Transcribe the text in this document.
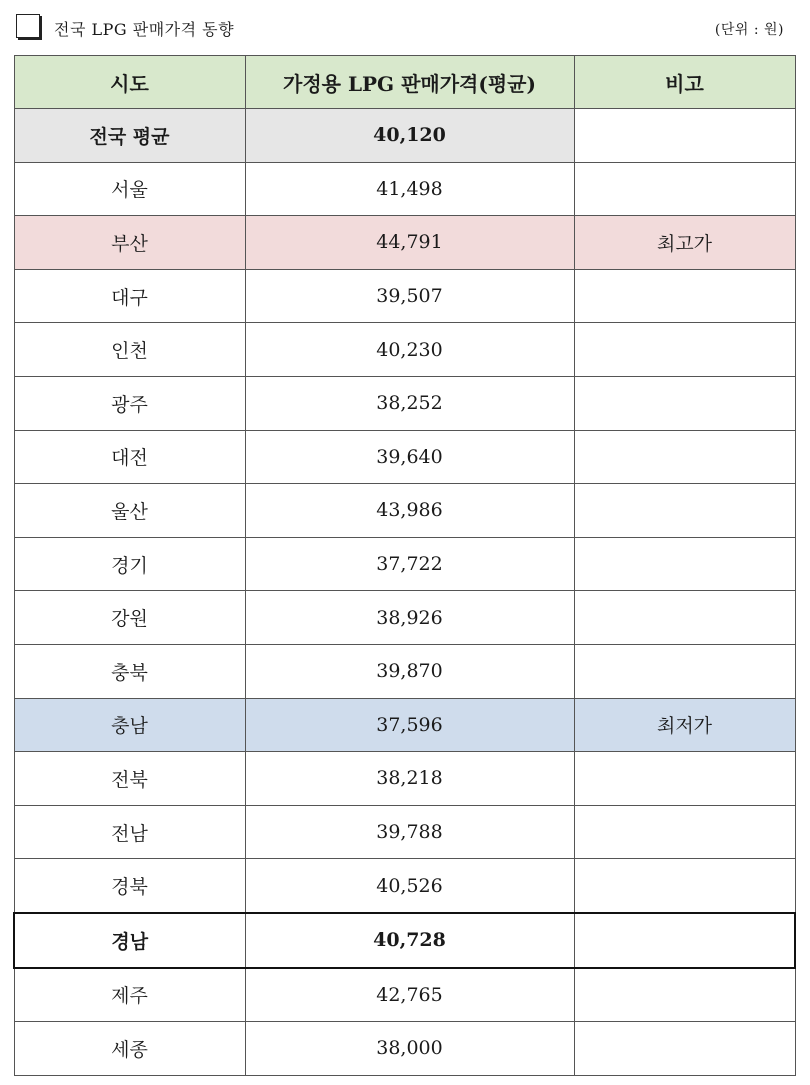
전국 LPG 판매가격 동향	(단위 : 원)
시도	가정용 LPG 판매가격(평균)	비고
전국 평균	40,120	
서울	41,498	
부산	44,791	최고가
대구	39,507	
인천	40,230	
광주	38,252	
대전	39,640	
울산	43,986	
경기	37,722	
강원	38,926	
충북	39,870	
충남	37,596	최저가
전북	38,218	
전남	39,788	
경북	40,526	
경남	40,728	
제주	42,765	
세종	38,000	
